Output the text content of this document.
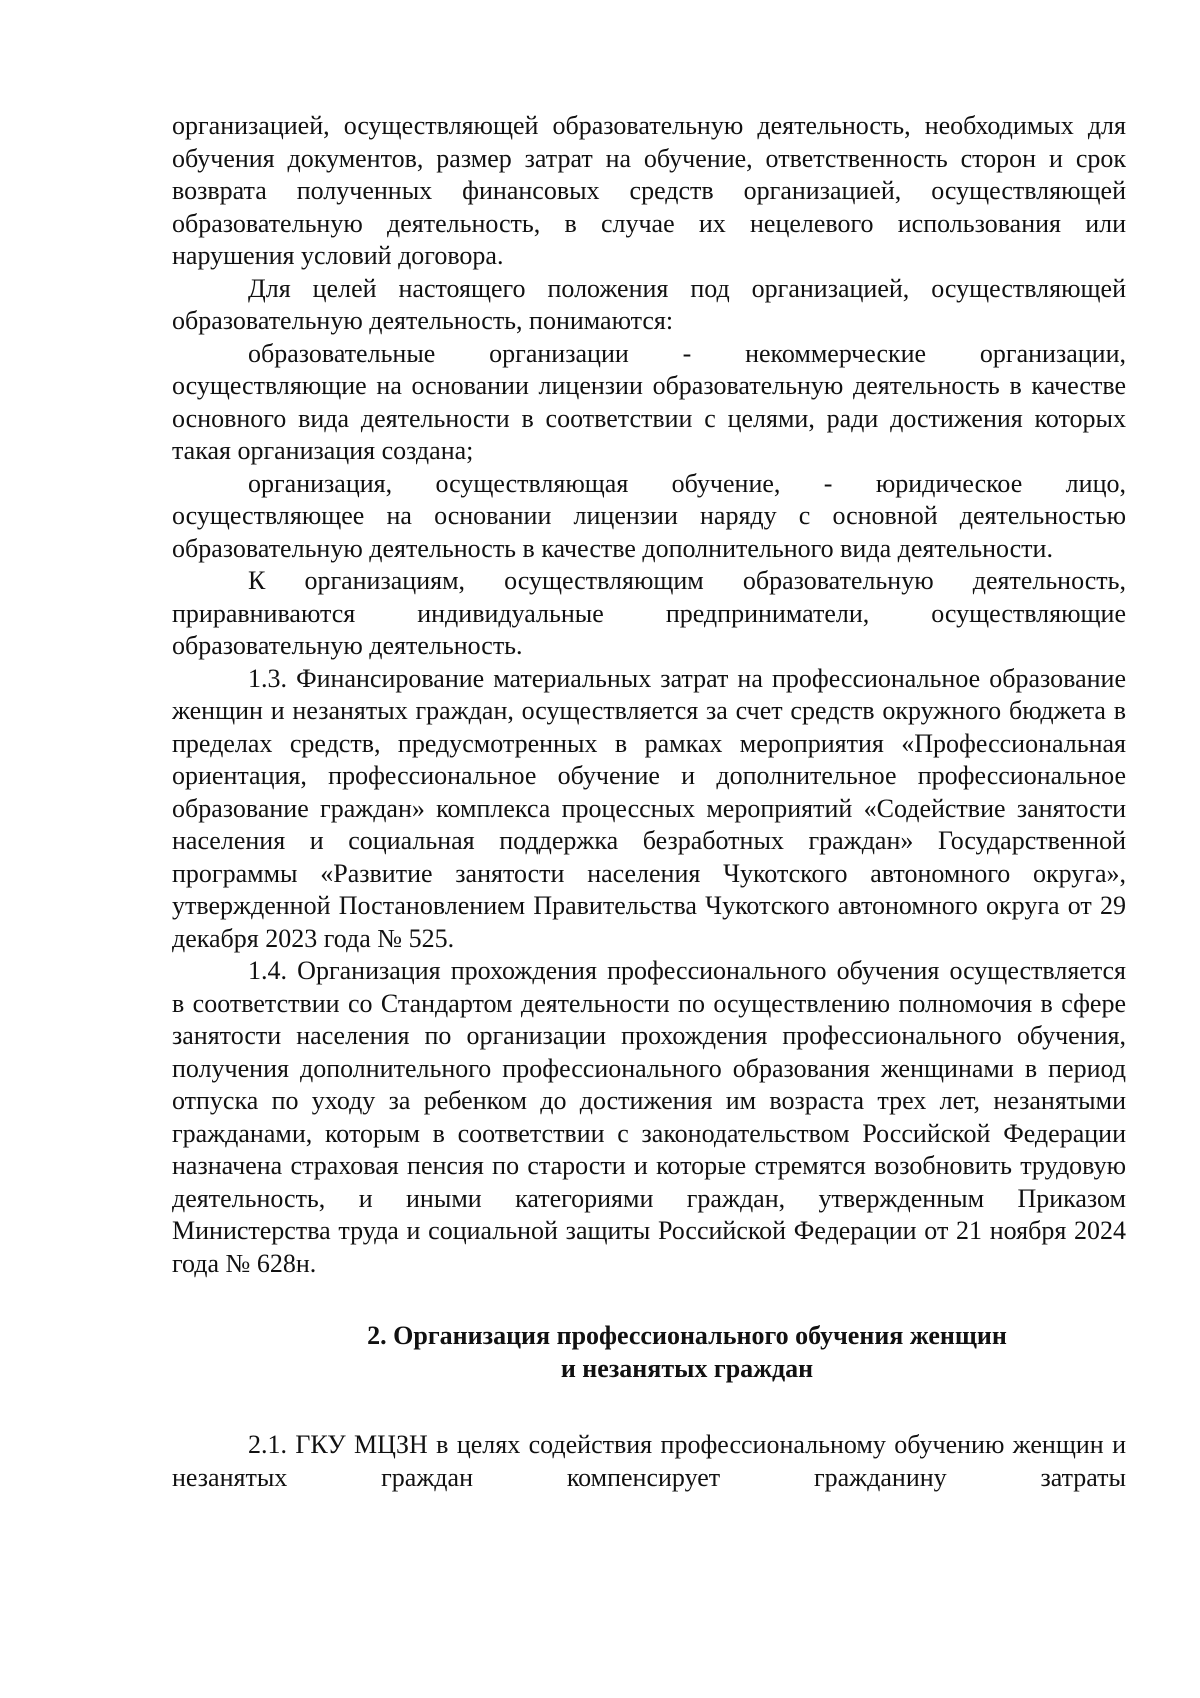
организацией, осуществляющей образовательную деятельность, необходимых для обучения документов, размер затрат на обучение, ответственность сторон и срок возврата полученных финансовых средств организацией, осуществляющей образовательную деятельность, в случае их нецелевого использования или нарушения условий договора.

Для целей настоящего положения под организацией, осуществляющей образовательную деятельность, понимаются:

образовательные организации - некоммерческие организации, осуществляющие на основании лицензии образовательную деятельность в качестве основного вида деятельности в соответствии с целями, ради достижения которых такая организация создана;

организация, осуществляющая обучение, - юридическое лицо, осуществляющее на основании лицензии наряду с основной деятельностью образовательную деятельность в качестве дополнительного вида деятельности.

К организациям, осуществляющим образовательную деятельность, приравниваются индивидуальные предприниматели, осуществляющие образовательную деятельность.

1.3. Финансирование материальных затрат на профессиональное образование женщин и незанятых граждан, осуществляется за счет средств окружного бюджета в пределах средств, предусмотренных в рамках мероприятия «Профессиональная ориентация, профессиональное обучение и дополнительное профессиональное образование граждан» комплекса процессных мероприятий «Содействие занятости населения и социальная поддержка безработных граждан» Государственной программы «Развитие занятости населения Чукотского автономного округа», утвержденной Постановлением Правительства Чукотского автономного округа от 29 декабря 2023 года № 525.

1.4. Организация прохождения профессионального обучения осуществляется в соответствии со Стандартом деятельности по осуществлению полномочия в сфере занятости населения по организации прохождения профессионального обучения, получения дополнительного профессионального образования женщинами в период отпуска по уходу за ребенком до достижения им возраста трех лет, незанятыми гражданами, которым в соответствии с законодательством Российской Федерации назначена страховая пенсия по старости и которые стремятся возобновить трудовую деятельность, и иными категориями граждан, утвержденным Приказом Министерства труда и социальной защиты Российской Федерации от 21 ноября 2024 года № 628н.

2. Организация профессионального обучения женщин
и незанятых граждан

2.1. ГКУ МЦЗН в целях содействия профессиональному обучению женщин и незанятых граждан компенсирует гражданину затраты
